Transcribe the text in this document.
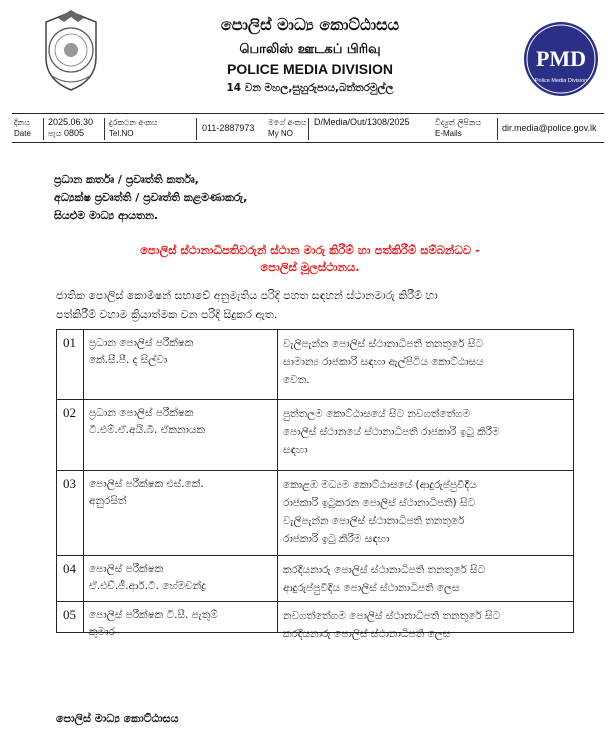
පොලිස් මාධ්‍ය කොට්ඨාසය
பொலிஸ் ஊடகப் பிரிவு
POLICE MEDIA DIVISION
14 වන මහල,සුහුරුපාය,බත්තරමුල්ල
PMD
Police Media Division
දිනය
Date
2025.06.30
පැය 0805
දුරකථන අංකය
Tel.NO
011-2887973
මගේ අංකය
My NO
D/Media/Out/1308/2025	විද්‍යුත් ලිපිනය
E-Mails
dir.media@police.gov.lk
ප්‍රධාන කර්තෘ / ප්‍රවෘත්ති කර්තෘ,
අධ්‍යක්ෂ ප්‍රවෘත්ති / ප්‍රවෘත්ති කළමණාකරු,
සියළුම මාධ්‍ය ආයතන.
පොලිස් ස්ථානාධිපතිවරුන් ස්ථාන මාරු කිරීම් හා පත්කිරීම් සම්බන්ධව -
පොලිස් මූලස්ථානය.
ජාතික පොලිස් කොමිෂන් සභාවේ අනුමැතිය පරිදි පහත සඳහන් ස්ථානමාරු කිරීම් හා
පත්කිරීම් වහාම ක්‍රියාත්මක වන පරිදි සිදුකර ඇත.
01 ප්‍රධාන පොලිස් පරීක්ෂක
කේ.සී.පී. ද සිල්වා
වැලිපැන්න පොලිස් ස්ථානාධිපති තනතුරේ සිට
සාමාන්‍ය රාජකාරි සඳහා ඇල්පිටිය කොට්ඨාසය
වෙත.
02 ප්‍රධාන පොලිස් පරීක්ෂක
ටී.එම්.ඒ.අයි.බී. ඒකනායක
පුත්තලම කොට්ඨාසයේ සිට නවගත්තේගම
පොලිස් ස්ථානයේ ස්ථානාධිපති රාජකාරි ඉටු කිරීම
සඳහා
03 පොලිස් පරීක්ෂක එස්.කේ.
අනුරසිත්
කොළඹ මධ්‍යම කොට්ඨාසයේ (ආදුරුප්පුවීදිය
රාජකාරි ඉටුකරන පොලිස් ස්ථානාධිපති) සිට
වැලිපැන්න පොලිස් ස්ථානාධිපති තනතුරේ
රාජකාරි ඉටු කිරීම සඳහා
04 පොලිස් පරීක්ෂක
ඒ.එච්.ජී.ආර්.ටී. හේමචන්ද්‍ර
කරදියනාරු පොලිස් ස්ථානාධිපති තනතුරේ සිට
ආදුරුප්පුවීදිය පොලිස් ස්ථානාධිපති ලෙස
05 පොලිස් පරීක්ෂක ටී.සී. පැතුම්
කුමාර
නවගත්තේගම පොලිස් ස්ථානාධිපති තනතුරේ සිට
කරදියනාරු පොලිස් ස්ථානාධිපති ලෙස
පොලිස් මාධ්‍ය කොට්ඨාසය
